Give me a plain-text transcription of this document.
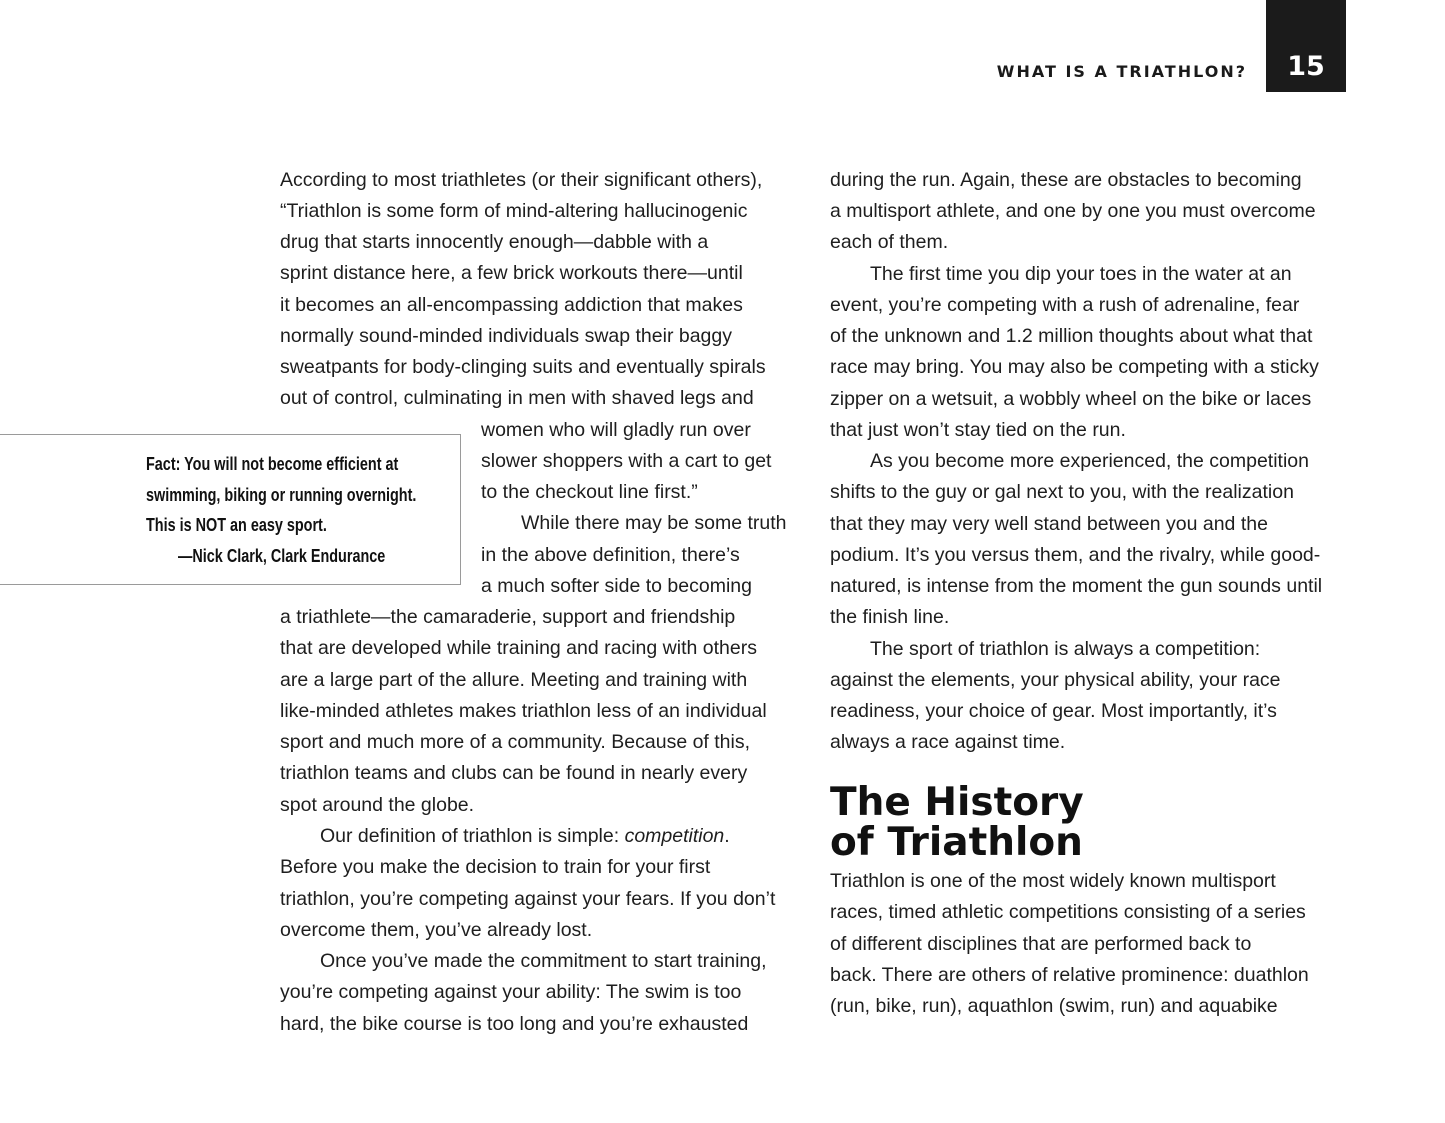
WHAT IS A TRIATHLON? 15
Fact: You will not become efficient at
swimming, biking or running overnight.
This is NOT an easy sport.
—Nick Clark, Clark Endurance
According to most triathletes (or their significant others),
“Triathlon is some form of mind-altering hallucinogenic
drug that starts innocently enough—dabble with a
sprint distance here, a few brick workouts there—until
it becomes an all-encompassing addiction that makes
normally sound-minded individuals swap their baggy
sweatpants for body-clinging suits and eventually spirals
out of control, culminating in men with shaved legs and
women who will gladly run over
slower shoppers with a cart to get
to the checkout line first.”
While there may be some truth
in the above definition, there’s
a much softer side to becoming
a triathlete—the camaraderie, support and friendship
that are developed while training and racing with others
are a large part of the allure. Meeting and training with
like-minded athletes makes triathlon less of an individual
sport and much more of a community. Because of this,
triathlon teams and clubs can be found in nearly every
spot around the globe.
Our definition of triathlon is simple: competition.
Before you make the decision to train for your first
triathlon, you’re competing against your fears. If you don’t
overcome them, you’ve already lost.
Once you’ve made the commitment to start training,
you’re competing against your ability: The swim is too
hard, the bike course is too long and you’re exhausted
during the run. Again, these are obstacles to becoming
a multisport athlete, and one by one you must overcome
each of them.
The first time you dip your toes in the water at an
event, you’re competing with a rush of adrenaline, fear
of the unknown and 1.2 million thoughts about what that
race may bring. You may also be competing with a sticky
zipper on a wetsuit, a wobbly wheel on the bike or laces
that just won’t stay tied on the run.
As you become more experienced, the competition
shifts to the guy or gal next to you, with the realization
that they may very well stand between you and the
podium. It’s you versus them, and the rivalry, while good-
natured, is intense from the moment the gun sounds until
the finish line.
The sport of triathlon is always a competition:
against the elements, your physical ability, your race
readiness, your choice of gear. Most importantly, it’s
always a race against time.
The History
of Triathlon
Triathlon is one of the most widely known multisport
races, timed athletic competitions consisting of a series
of different disciplines that are performed back to
back. There are others of relative prominence: duathlon
(run, bike, run), aquathlon (swim, run) and aquabike
